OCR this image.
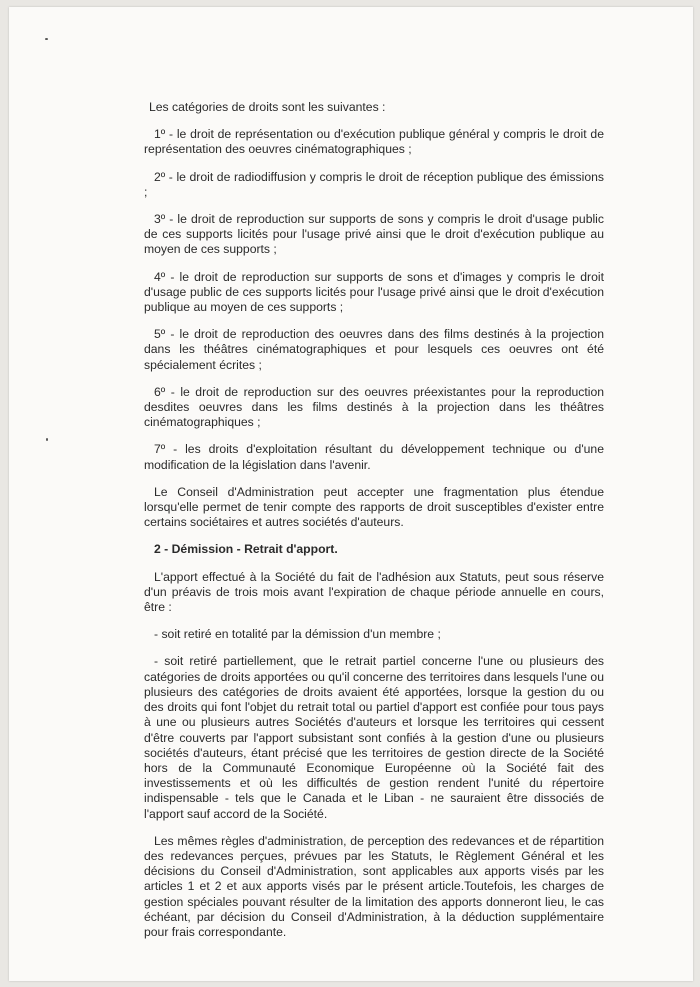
Les catégories de droits sont les suivantes :

1º - le droit de représentation ou d'exécution publique général y compris le droit de représentation des oeuvres cinématographiques ;

2º - le droit de radiodiffusion y compris le droit de réception publique des émissions ;

3º - le droit de reproduction sur supports de sons y compris le droit d'usage public de ces supports licités pour l'usage privé ainsi que le droit d'exécution publique au moyen de ces supports ;

4º - le droit de reproduction sur supports de sons et d'images y compris le droit d'usage public de ces supports licités pour l'usage privé ainsi que le droit d'exécution publique au moyen de ces supports ;

5º - le droit de reproduction des oeuvres dans des films destinés à la projection dans les théâtres cinématographiques et pour lesquels ces oeuvres ont été spécialement écrites ;

6º - le droit de reproduction sur des oeuvres préexistantes pour la reproduction desdites oeuvres dans les films destinés à la projection dans les théâtres cinématographiques ;

7º - les droits d'exploitation résultant du développement technique ou d'une modification de la législation dans l'avenir.

Le Conseil d'Administration peut accepter une fragmentation plus étendue lorsqu'elle permet de tenir compte des rapports de droit susceptibles d'exister entre certains sociétaires et autres sociétés d'auteurs.

2 - Démission - Retrait d'apport.

L'apport effectué à la Société du fait de l'adhésion aux Statuts, peut sous réserve d'un préavis de trois mois avant l'expiration de chaque période annuelle en cours, être :

- soit retiré en totalité par la démission d'un membre ;

- soit retiré partiellement, que le retrait partiel concerne l'une ou plusieurs des catégories de droits apportées ou qu'il concerne des territoires dans lesquels l'une ou plusieurs des catégories de droits avaient été apportées, lorsque la gestion du ou des droits qui font l'objet du retrait total ou partiel d'apport est confiée pour tous pays à une ou plusieurs autres Sociétés d'auteurs et lorsque les territoires qui cessent d'être couverts par l'apport subsistant sont confiés à la gestion d'une ou plusieurs sociétés d'auteurs, étant précisé que les territoires de gestion directe de la Société hors de la Communauté Economique Européenne où la Société fait des investissements et où les difficultés de gestion rendent l'unité du répertoire indispensable - tels que le Canada et le Liban - ne sauraient être dissociés de l'apport sauf accord de la Société.

Les mêmes règles d'administration, de perception des redevances et de répartition des redevances perçues, prévues par les Statuts, le Règlement Général et les décisions du Conseil d'Administration, sont applicables aux apports visés par les articles 1 et 2 et aux apports visés par le présent article.Toutefois, les charges de gestion spéciales pouvant résulter de la limitation des apports donneront lieu, le cas échéant, par décision du Conseil d'Administration, à la déduction supplémentaire pour frais correspondante.
